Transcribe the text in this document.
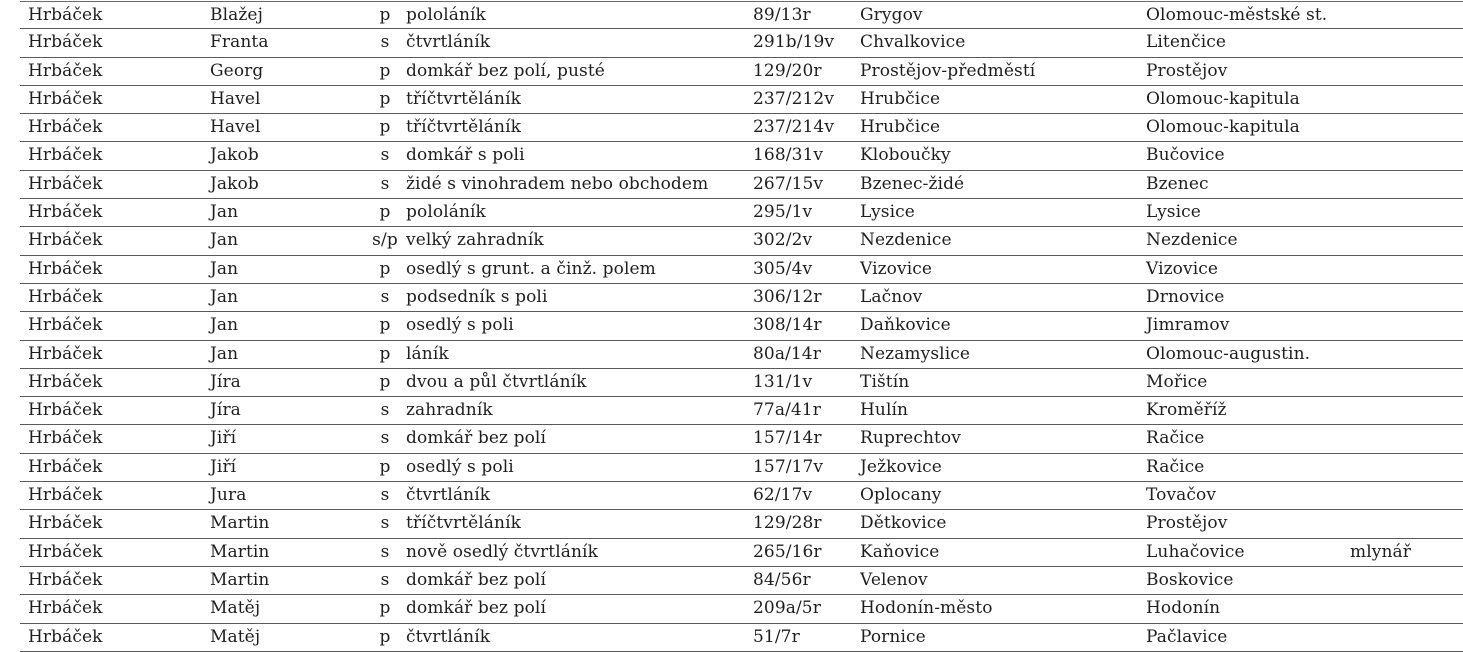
Hrbáček	Blažej	p pololáník	89/13r	Grygov	Olomouc-městské st.
Hrbáček	Franta	s čtvrtláník	291b/19v Chvalkovice	Litenčice
Hrbáček	Georg	p domkář bez polí, pusté	129/20r Prostějov-předměstí	Prostějov
Hrbáček	Havel	p tříčtvrtěláník	237/212v Hrubčice	Olomouc-kapitula
Hrbáček	Havel	p tříčtvrtěláník	237/214v Hrubčice	Olomouc-kapitula
Hrbáček	Jakob	s domkář s poli	168/31v Kloboučky	Bučovice
Hrbáček	Jakob	s židé s vinohradem nebo obchodem	267/15v Bzenec-židé	Bzenec
Hrbáček	Jan	p pololáník	295/1v	Lysice	Lysice
Hrbáček	Jan	s/p velký zahradník	302/2v	Nezdenice	Nezdenice
Hrbáček	Jan	p osedlý s grunt. a činž. polem	305/4v	Vizovice	Vizovice
Hrbáček	Jan	s podsedník s poli	306/12r Lačnov	Drnovice
Hrbáček	Jan	p osedlý s poli	308/14r Daňkovice	Jimramov
Hrbáček	Jan	p láník	80a/14r Nezamyslice	Olomouc-augustin.
Hrbáček	Jíra	p dvou a půl čtvrtláník	131/1v	Tištín	Mořice
Hrbáček	Jíra	s zahradník	77a/41r Hulín	Kroměříž
Hrbáček	Jiří	s domkář bez polí	157/14r Ruprechtov	Račice
Hrbáček	Jiří	p osedlý s poli	157/17v Ježkovice	Račice
Hrbáček	Jura	s čtvrtláník	62/17v	Oplocany	Tovačov
Hrbáček	Martin	s tříčtvrtěláník	129/28r Dětkovice	Prostějov
Hrbáček	Martin	s nově osedlý čtvrtláník	265/16r Kaňovice	Luhačovice	mlynář
Hrbáček	Martin	s domkář bez polí	84/56r	Velenov	Boskovice
Hrbáček	Matěj	p domkář bez polí	209a/5r Hodonín-město	Hodonín
Hrbáček	Matěj	p čtvrtláník	51/7r	Pornice	Pačlavice
